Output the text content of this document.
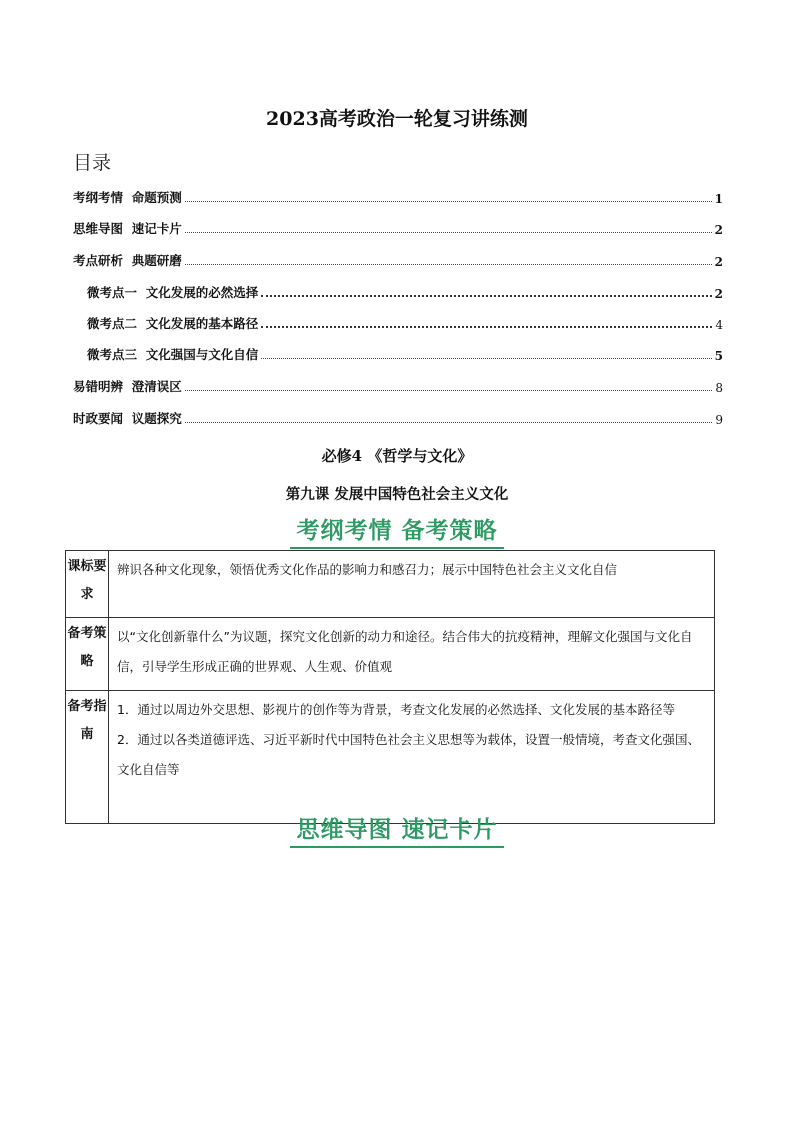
2023高考政治一轮复习讲练测
目录
考纲考情  命题预测	1
思维导图  速记卡片	2
考点研析  典题研磨	2
微考点一  文化发展的必然选择	2
微考点二  文化发展的基本路径	4
微考点三  文化强国与文化自信	5
易错明辨  澄清误区	8
时政要闻  议题探究	9
必修4 《哲学与文化》
第九课 发展中国特色社会主义文化
考纲考情 备考策略
课标要求	辨识各种文化现象，领悟优秀文化作品的影响力和感召力；展示中国特色社会主义文化自信

备考策略	以“文化创新靠什么”为议题，探究文化创新的动力和途径。结合伟大的抗疫精神，理解文化强国与文化自信，引导学生形成正确的世界观、人生观、价值观

备考指南	1．通过以周边外交思想、影视片的创作等为背景，考查文化发展的必然选择、文化发展的基本路径等
2．通过以各类道德评选、习近平新时代中国特色社会主义思想等为载体，设置一般情境，考查文化强国、文化自信等
思维导图 速记卡片
